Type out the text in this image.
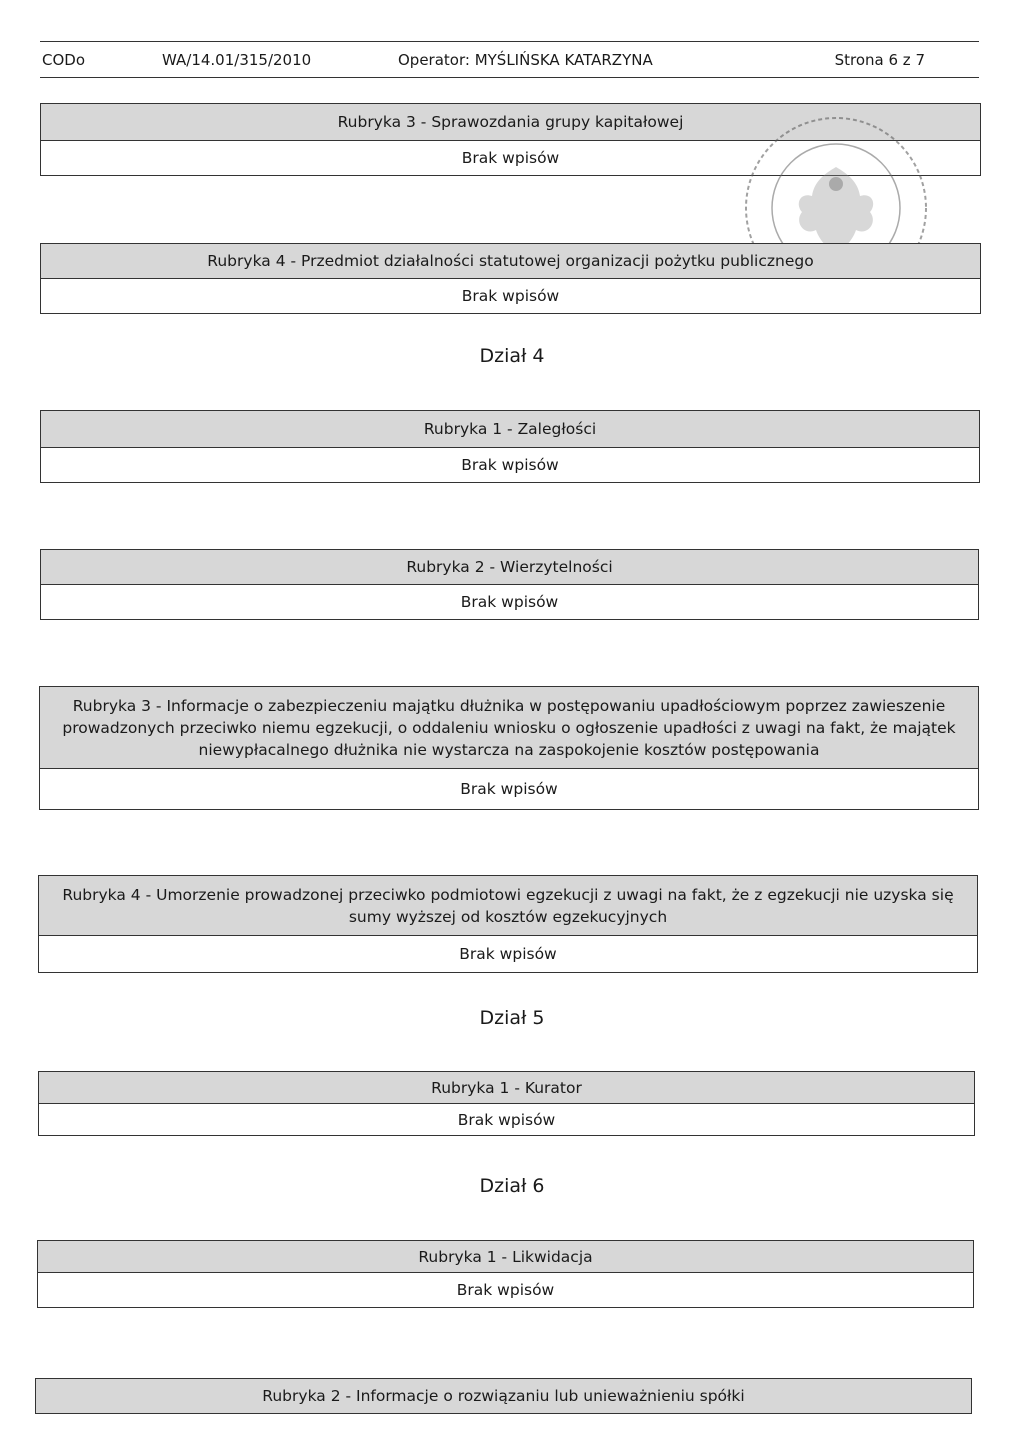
CODo	WA/14.01/315/2010	Operator: MYŚLIŃSKA KATARZYNA	Strona 6 z 7
Rubryka 3 - Sprawozdania grupy kapitałowej
Brak wpisów
Rubryka 4 - Przedmiot działalności statutowej organizacji pożytku publicznego
Brak wpisów
Dział 4
Rubryka 1 - Zaległości
Brak wpisów
Rubryka 2 - Wierzytelności
Brak wpisów
Rubryka 3 - Informacje o zabezpieczeniu majątku dłużnika w postępowaniu upadłościowym poprzez zawieszenie prowadzonych przeciwko niemu egzekucji, o oddaleniu wniosku o ogłoszenie upadłości z uwagi na fakt, że majątek niewypłacalnego dłużnika nie wystarcza na zaspokojenie kosztów postępowania
Brak wpisów
Rubryka 4 - Umorzenie prowadzonej przeciwko podmiotowi egzekucji z uwagi na fakt, że z egzekucji nie uzyska się sumy wyższej od kosztów egzekucyjnych
Brak wpisów
Dział 5
Rubryka 1 - Kurator
Brak wpisów
Dział 6
Rubryka 1 - Likwidacja
Brak wpisów
Rubryka 2 - Informacje o rozwiązaniu lub unieważnieniu spółki
